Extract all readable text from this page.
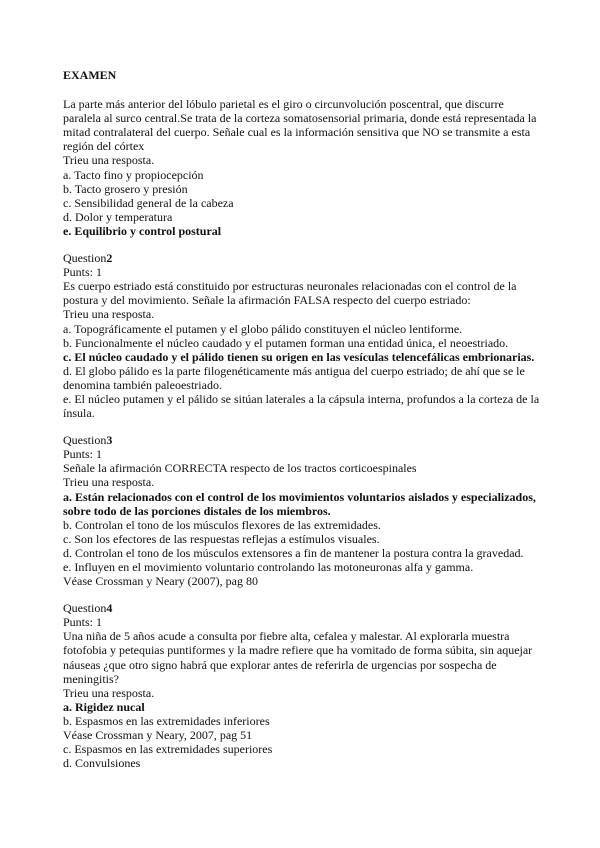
EXAMEN

La parte más anterior del lóbulo parietal es el giro o circunvolución poscentral, que discurre paralela al surco central.Se trata de la corteza somatosensorial primaria, donde está representada la mitad contralateral del cuerpo. Señale cual es la información sensitiva que NO se transmite a esta región del córtex

Trieu una resposta.

a. Tacto fino y propiocepción

b. Tacto grosero y presión

c. Sensibilidad general de la cabeza

d. Dolor y temperatura

e. Equilibrio y control postural

Question2

Punts: 1

Es cuerpo estriado está constituido por estructuras neuronales relacionadas con el control de la postura y del movimiento. Señale la afirmación FALSA respecto del cuerpo estriado:

Trieu una resposta.

a. Topográficamente el putamen y el globo pálido constituyen el núcleo lentiforme.

b. Funcionalmente el núcleo caudado y el putamen forman una entidad única, el neoestriado.

c. El núcleo caudado y el pálido tienen su origen en las vesículas telencefálicas embrionarias.

d. El globo pálido es la parte filogenéticamente más antigua del cuerpo estriado; de ahí que se le denomina también paleoestriado.

e. El núcleo putamen y el pálido se sitúan laterales a la cápsula interna, profundos a la corteza de la ínsula.

Question3

Punts: 1

Señale la afirmación CORRECTA respecto de los tractos corticoespinales

Trieu una resposta.

a. Están relacionados con el control de los movimientos voluntarios aislados y especializados, sobre todo de las porciones distales de los miembros.

b. Controlan el tono de los músculos flexores de las extremidades.

c. Son los efectores de las respuestas reflejas a estímulos visuales.

d. Controlan el tono de los músculos extensores a fin de mantener la postura contra la gravedad.

e. Influyen en el movimiento voluntario controlando las motoneuronas alfa y gamma.

Véase Crossman y Neary (2007), pag 80

Question4

Punts: 1

Una niña de 5 años acude a consulta por fiebre alta, cefalea y malestar. Al explorarla muestra fotofobia y petequias puntiformes y la madre refiere que ha vomitado de forma súbita, sin aquejar náuseas ¿que otro signo habrá que explorar antes de referirla de urgencias por sospecha de meningitis?

Trieu una resposta.

a. Rigidez nucal

b. Espasmos en las extremidades inferiores

Véase Crossman y Neary, 2007, pag 51

c. Espasmos en las extremidades superiores

d. Convulsiones
